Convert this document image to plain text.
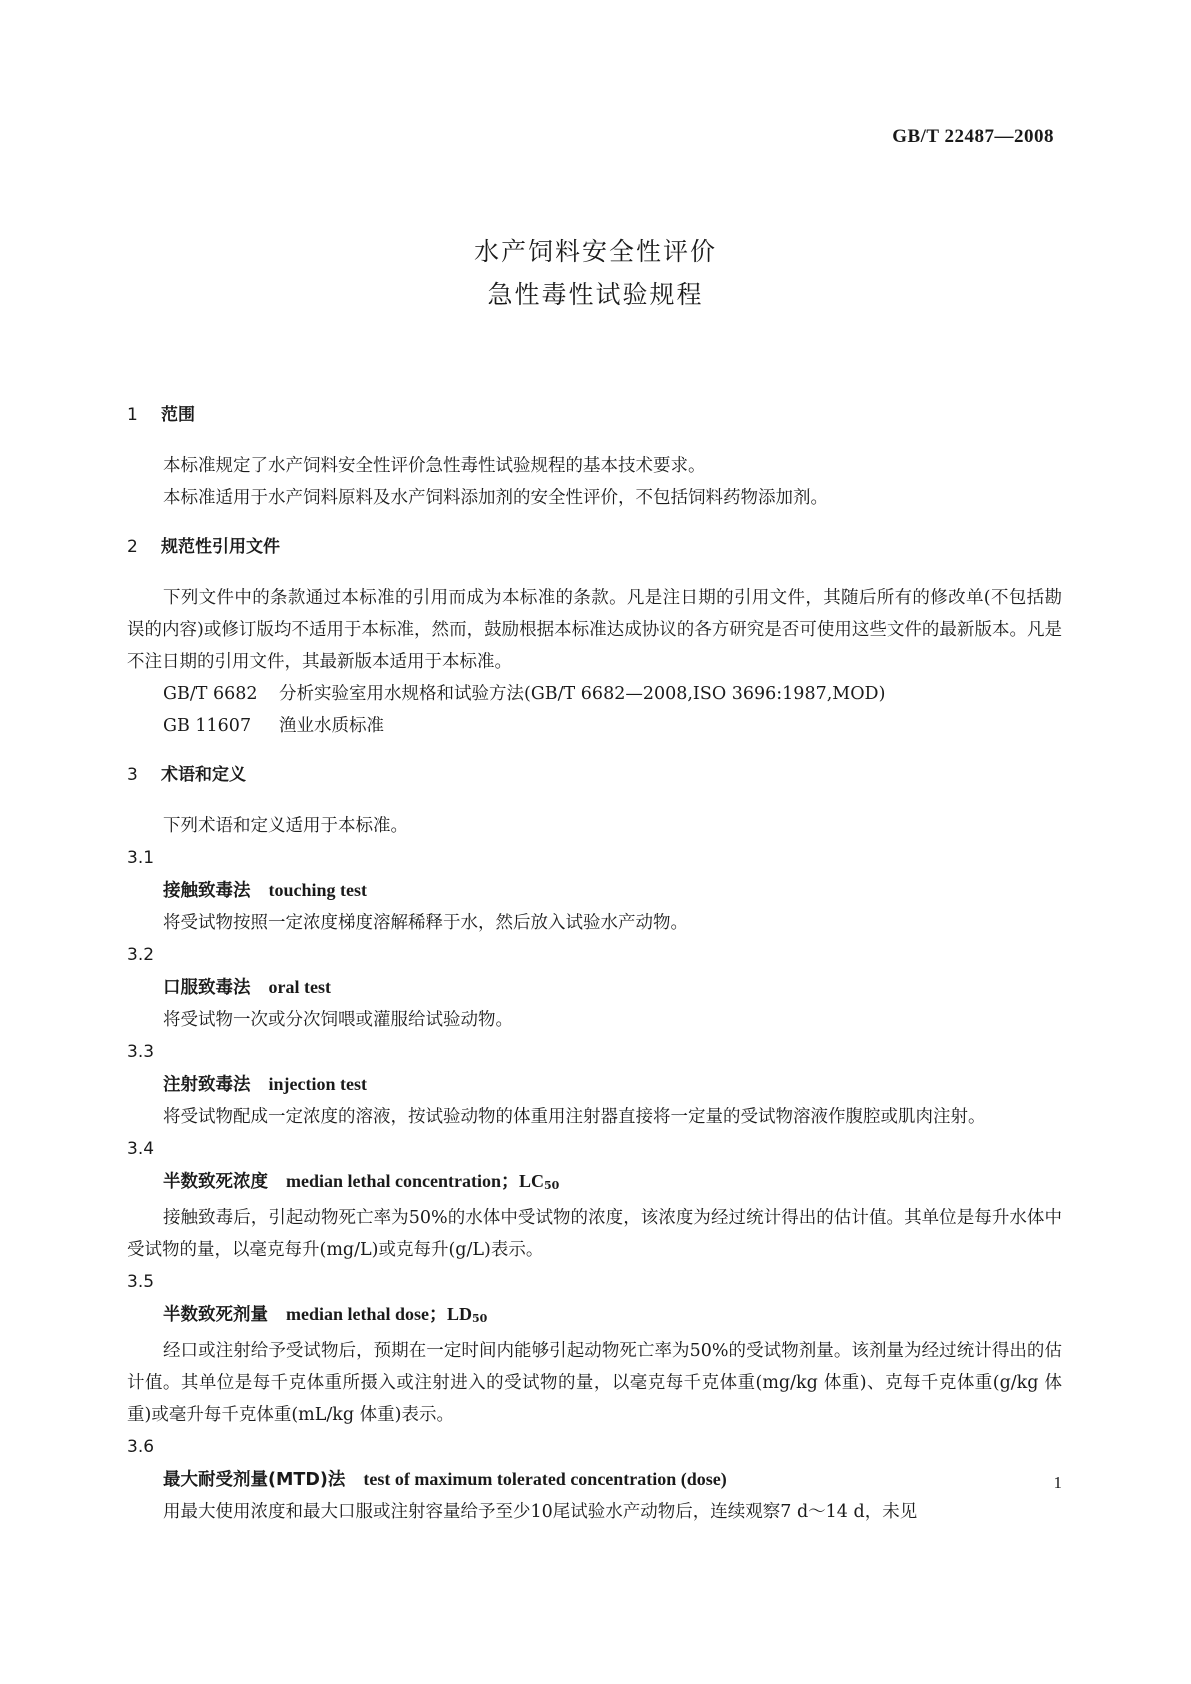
GB/T 22487—2008
水产饲料安全性评价
急性毒性试验规程
1 范围

本标准规定了水产饲料安全性评价急性毒性试验规程的基本技术要求。

本标准适用于水产饲料原料及水产饲料添加剂的安全性评价，不包括饲料药物添加剂。

2 规范性引用文件

下列文件中的条款通过本标准的引用而成为本标准的条款。凡是注日期的引用文件，其随后所有的修改单(不包括勘误的内容)或修订版均不适用于本标准，然而，鼓励根据本标准达成协议的各方研究是否可使用这些文件的最新版本。凡是不注日期的引用文件，其最新版本适用于本标准。

GB/T 6682 分析实验室用水规格和试验方法(GB/T 6682—2008,ISO 3696:1987,MOD)

GB 11607 渔业水质标准

3 术语和定义

下列术语和定义适用于本标准。

3.1
接触致毒法 touching test

将受试物按照一定浓度梯度溶解稀释于水，然后放入试验水产动物。

3.2
口服致毒法 oral test

将受试物一次或分次饲喂或灌服给试验动物。

3.3
注射致毒法 injection test

将受试物配成一定浓度的溶液，按试验动物的体重用注射器直接将一定量的受试物溶液作腹腔或肌肉注射。

3.4
半数致死浓度 median lethal concentration；$LC_{50}$

接触致毒后，引起动物死亡率为50%的水体中受试物的浓度，该浓度为经过统计得出的估计值。其单位是每升水体中受试物的量，以毫克每升(mg/L)或克每升(g/L)表示。

3.5
半数致死剂量 median lethal dose；$LD_{50}$

经口或注射给予受试物后，预期在一定时间内能够引起动物死亡率为50%的受试物剂量。该剂量为经过统计得出的估计值。其单位是每千克体重所摄入或注射进入的受试物的量，以毫克每千克体重(mg/kg 体重)、克每千克体重(g/kg 体重)或毫升每千克体重(mL/kg 体重)表示。

3.6
最大耐受剂量(MTD)法 test of maximum tolerated concentration (dose)

用最大使用浓度和最大口服或注射容量给予至少10尾试验水产动物后，连续观察7 d～14 d，未见

1
